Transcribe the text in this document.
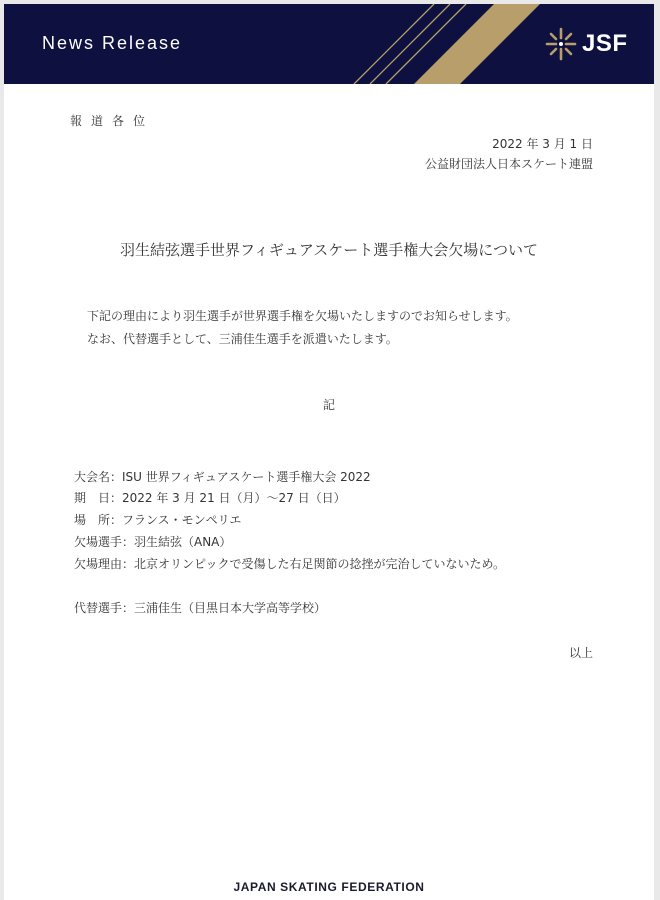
News Release	JSF
報道各位
2022 年 3 月 1 日
公益財団法人日本スケート連盟
羽生結弦選手世界フィギュアスケート選手権大会欠場について
下記の理由により羽生選手が世界選手権を欠場いたしますのでお知らせします。
なお、代替選手として、三浦佳生選手を派遣いたします。
記
大会名：ISU 世界フィギュアスケート選手権大会 2022
期　日：2022 年 3 月 21 日（月）～27 日（日）
場　所：フランス・モンペリエ
欠場選手：羽生結弦（ANA）
欠場理由：北京オリンピックで受傷した右足関節の捻挫が完治していないため。
代替選手：三浦佳生（目黒日本大学高等学校）
以上
JAPAN SKATING FEDERATION
